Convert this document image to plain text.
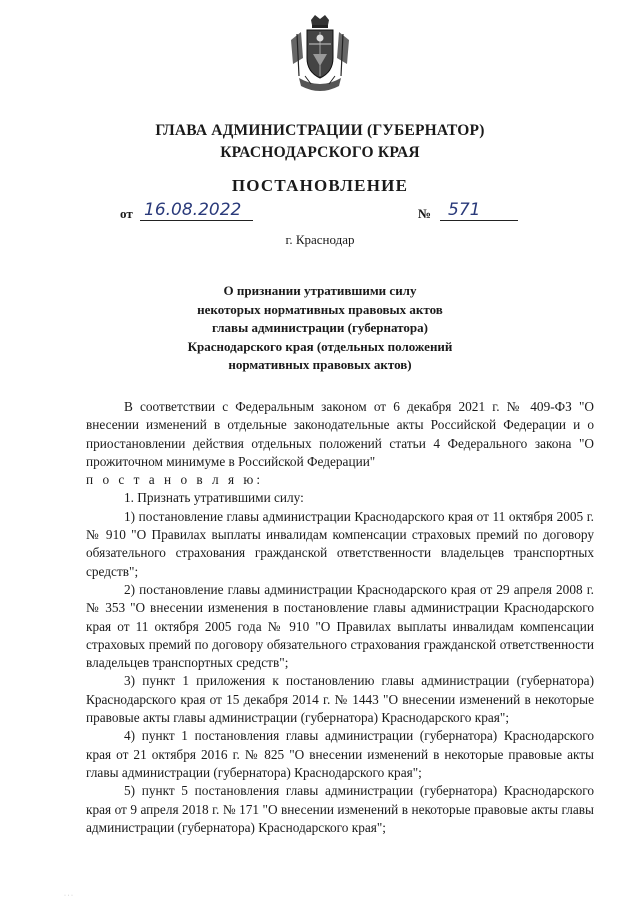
ГЛАВА АДМИНИСТРАЦИИ (ГУБЕРНАТОР)
КРАСНОДАРСКОГО КРАЯ
ПОСТАНОВЛЕНИЕ
от 16.08.2022	№ 571
г. Краснодар
О признании утратившими силу
некоторых нормативных правовых актов
главы администрации (губернатора)
Краснодарского края (отдельных положений
нормативных правовых актов)

В соответствии с Федеральным законом от 6 декабря 2021 г. № 409-ФЗ "О внесении изменений в отдельные законодательные акты Российской Федерации и о приостановлении действия отдельных положений статьи 4 Федерального закона "О прожиточном минимуме в Российской Федерации"

п о с т а н о в л я ю:

1. Признать утратившими силу:

1) постановление главы администрации Краснодарского края от 11 октября 2005 г. № 910 "О Правилах выплаты инвалидам компенсации страховых премий по договору обязательного страхования гражданской ответственности владельцев транспортных средств";

2) постановление главы администрации Краснодарского края от 29 апреля 2008 г. № 353 "О внесении изменения в постановление главы администрации Краснодарского края от 11 октября 2005 года № 910 "О Правилах выплаты инвалидам компенсации страховых премий по договору обязательного страхования гражданской ответственности владельцев транспортных средств";

3) пункт 1 приложения к постановлению главы администрации (губернатора) Краснодарского края от 15 декабря 2014 г. № 1443 "О внесении изменений в некоторые правовые акты главы администрации (губернатора) Краснодарского края";

4) пункт 1 постановления главы администрации (губернатора) Краснодарского края от 21 октября 2016 г. № 825 "О внесении изменений в некоторые правовые акты главы администрации (губернатора) Краснодарского края";

5) пункт 5 постановления главы администрации (губернатора) Краснодарского края от 9 апреля 2018 г. № 171 "О внесении изменений в некоторые правовые акты главы администрации (губернатора) Краснодарского края";

· · ·
